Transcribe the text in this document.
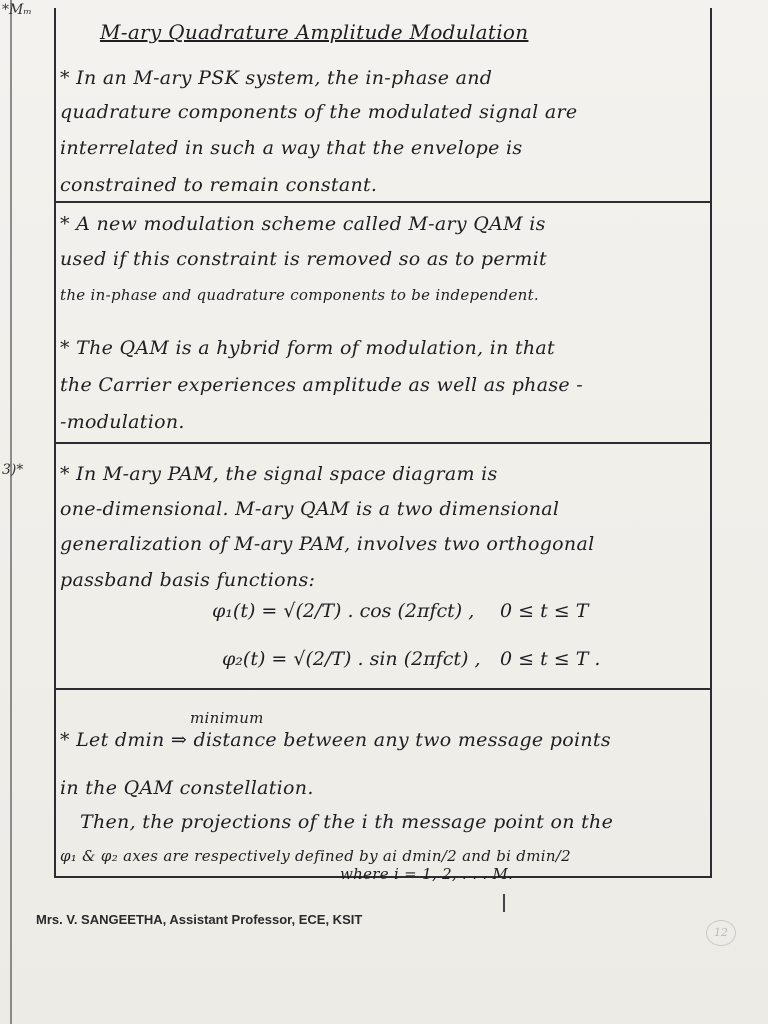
*Mₘ
3)*
M-ary Quadrature Amplitude Modulation
* In an M-ary PSK system, the in-phase and
quadrature components of the modulated signal are
interrelated in such a way that the envelope is
constrained to remain constant.
* A new modulation scheme called M-ary QAM is
used if this constraint is removed so as to permit
the in-phase and quadrature components to be independent.
* The QAM is a hybrid form of modulation, in that
the Carrier experiences amplitude as well as phase -
-modulation.
* In M-ary PAM, the signal space diagram is
one-dimensional. M-ary QAM is a two dimensional
generalization of M-ary PAM, involves two orthogonal
passband basis functions:
φ₁(t) = √(2/T) . cos (2πfct) , 0 ≤ t ≤ T
φ₂(t) = √(2/T) . sin (2πfct) , 0 ≤ t ≤ T .
minimum
* Let dmin ⇒ distance between any two message points
in the QAM constellation.
Then, the projections of the i th message point on the
φ₁ & φ₂ axes are respectively defined by ai dmin/2 and bi dmin/2
where i = 1, 2, . . . M.
Mrs. V. SANGEETHA, Assistant Professor, ECE, KSIT
12
